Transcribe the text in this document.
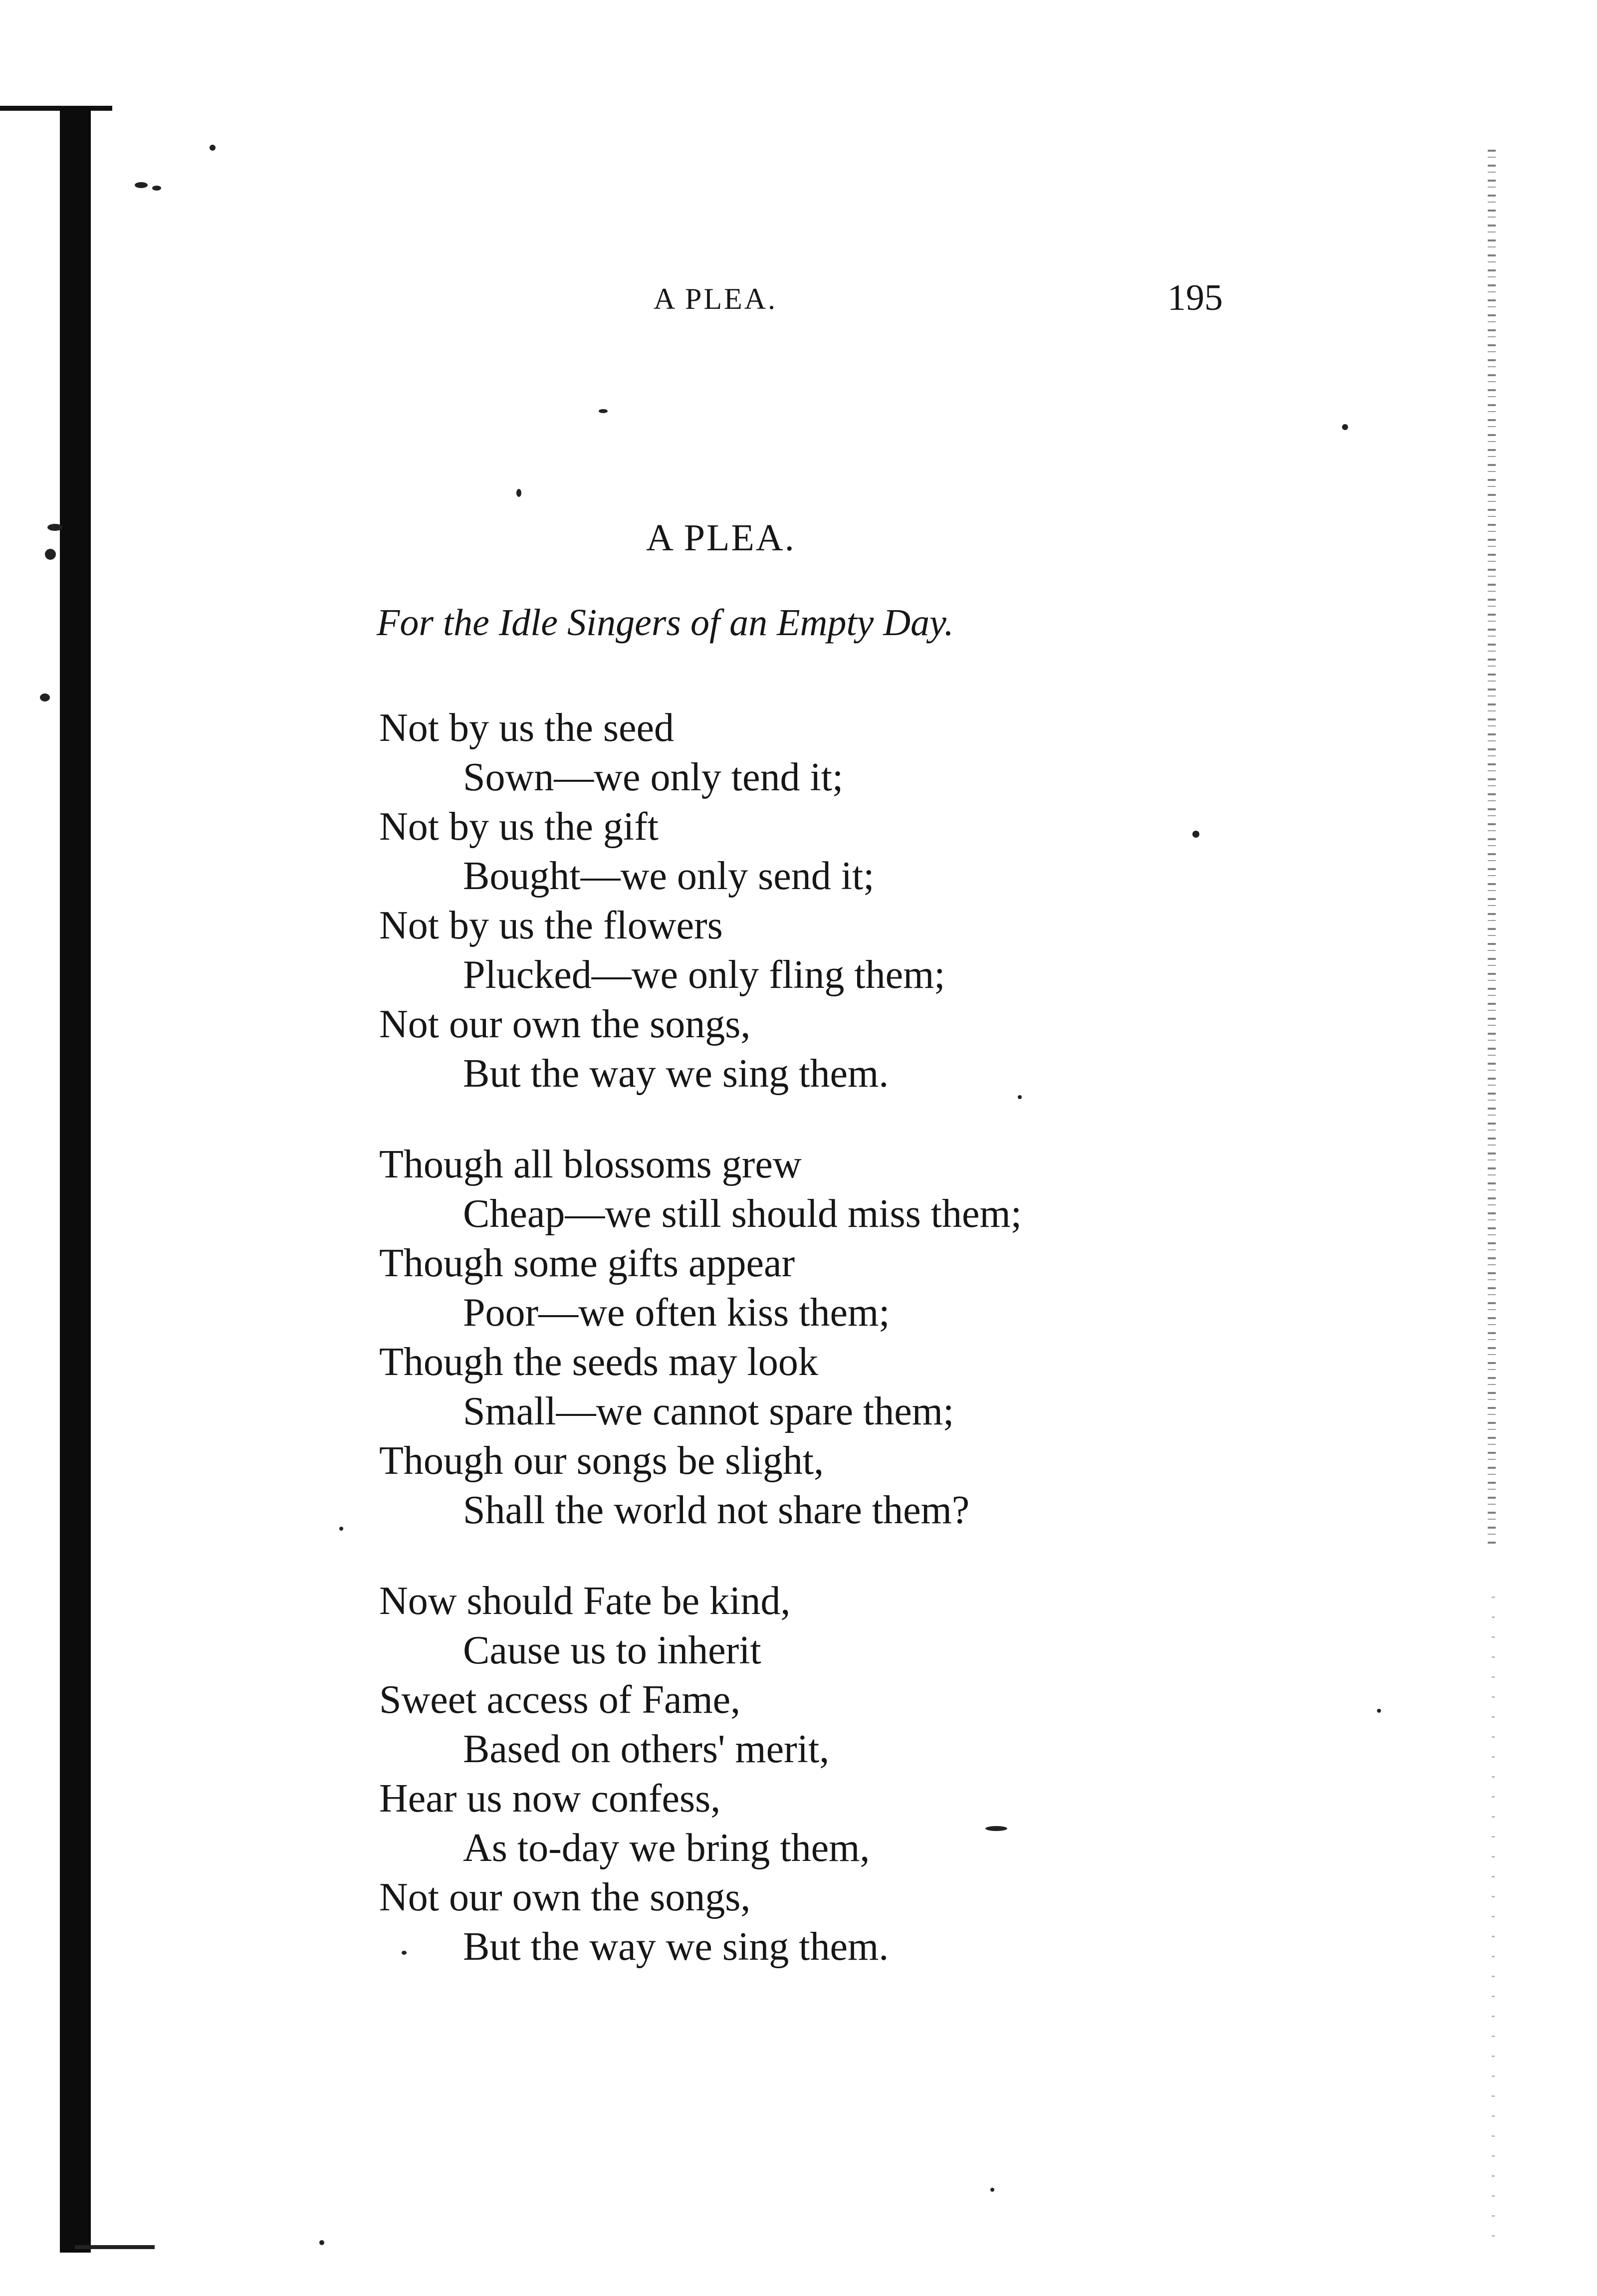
A PLEA.	195
A PLEA.
For the Idle Singers of an Empty Day.
Not by us the seed
Sown—we only tend it;
Not by us the gift
Bought—we only send it;
Not by us the flowers
Plucked—we only fling them;
Not our own the songs,
But the way we sing them.
Though all blossoms grew
Cheap—we still should miss them;
Though some gifts appear
Poor—we often kiss them;
Though the seeds may look
Small—we cannot spare them;
Though our songs be slight,
Shall the world not share them?
Now should Fate be kind,
Cause us to inherit
Sweet access of Fame,
Based on others' merit,
Hear us now confess,
As to-day we bring them,
Not our own the songs,
But the way we sing them.
